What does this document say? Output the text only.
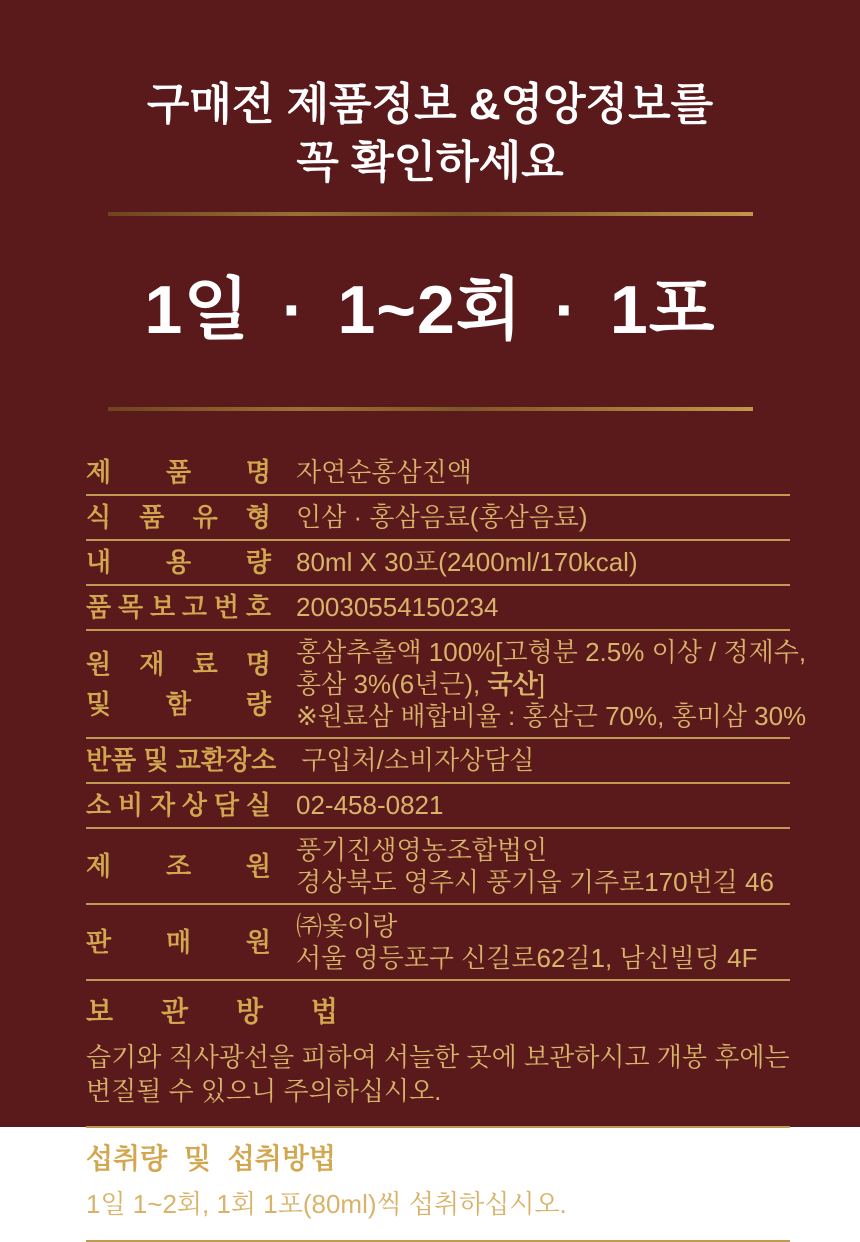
구매전 제품정보 &영앙정보를
꼭 확인하세요
1일 · 1~2회 · 1포
제 품 명 자연순홍삼진액
식 품 유 형 인삼 · 홍삼음료(홍삼음료)
내 용 량 80ml X 30포(2400ml/170kcal)
품 목 보 고 번 호 20030554150234
원 재 료 명
및 함 량
홍삼추출액 100%[고형분 2.5% 이상 / 정제수,
홍삼 3%(6년근), 국산]
※원료삼 배합비율 : 홍삼근 70%, 홍미삼 30%
반품 및 교환장소 구입처/소비자상담실
소 비 자 상 담 실 02-458-0821
제 조 원
풍기진생영농조합법인
경상북도 영주시 풍기읍 기주로170번길 46
판 매 원
㈜옻이랑
서울 영등포구 신길로62길1, 남신빌딩 4F
보 관 방 법
습기와 직사광선을 피하여 서늘한 곳에 보관하시고 개봉 후에는
변질될 수 있으니 주의하십시오.
섭취량 및 섭취방법
1일 1~2회, 1회 1포(80ml)씩 섭취하십시오.
